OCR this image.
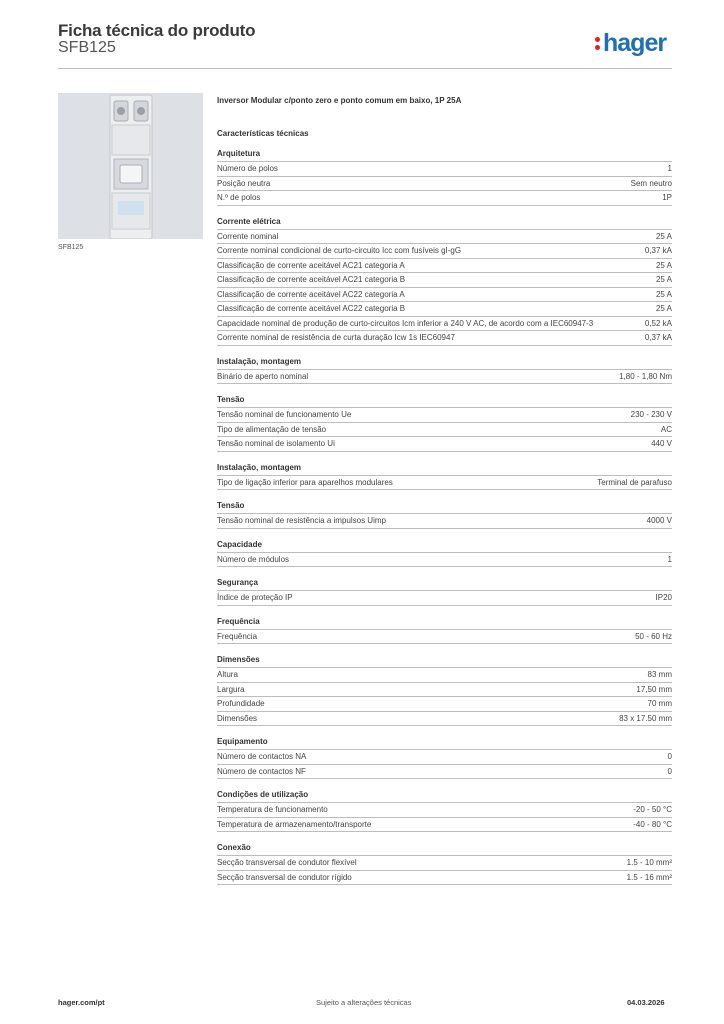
Ficha técnica do produto
SFB125	hager
SFB125
Inversor Modular c/ponto zero e ponto comum em baixo, 1P 25A
Características técnicas
Arquitetura
Número de polos	1
Posição neutra	Sem neutro
N.º de polos	1P
Corrente elétrica
Corrente nominal	25 A
Corrente nominal condicional de curto-circuito Icc com fusíveis gI-gG	0,37 kA
Classificação de corrente aceitável AC21 categoria A	25 A
Classificação de corrente aceitável AC21 categoria B	25 A
Classificação de corrente aceitável AC22 categoria A	25 A
Classificação de corrente aceitável AC22 categoria B	25 A
Capacidade nominal de produção de curto-circuitos Icm inferior a 240 V AC, de acordo com a IEC60947-3	0,52 kA
Corrente nominal de resistência de curta duração Icw 1s IEC60947	0,37 kA
Instalação, montagem
Binário de aperto nominal	1,80 - 1,80 Nm
Tensão
Tensão nominal de funcionamento Ue	230 - 230 V
Tipo de alimentação de tensão	AC
Tensão nominal de isolamento Ui	440 V
Instalação, montagem
Tipo de ligação inferior para aparelhos modulares	Terminal de parafuso
Tensão
Tensão nominal de resistência a impulsos Uimp	4000 V
Capacidade
Número de módulos	1
Segurança
Índice de proteção IP	IP20
Frequência
Frequência	50 - 60 Hz
Dimensões
Altura	83 mm
Largura	17,50 mm
Profundidade	70 mm
Dimensões	83 x 17.50 mm
Equipamento
Número de contactos NA	0
Número de contactos NF	0
Condições de utilização
Temperatura de funcionamento	-20 - 50 °C
Temperatura de armazenamento/transporte	-40 - 80 °C
Conexão
Secção transversal de condutor flexível	1.5 - 10 mm²
Secção transversal de condutor rígido	1.5 - 16 mm²
hager.com/pt	Sujeito a alterações técnicas	04.03.2026
